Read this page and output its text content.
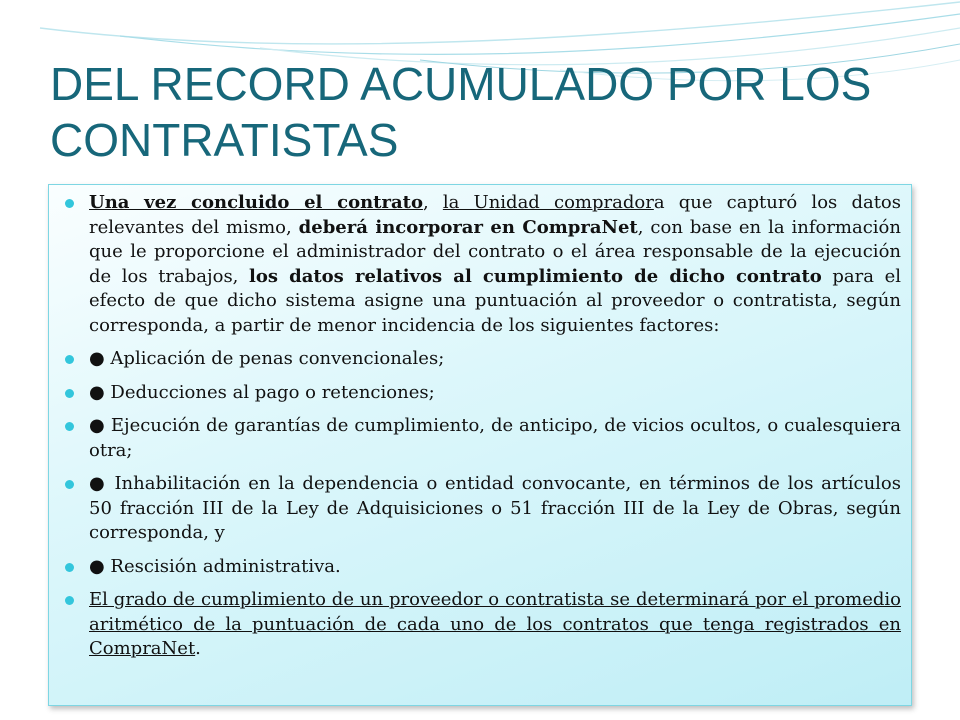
DEL RECORD ACUMULADO POR LOS CONTRATISTAS
Una vez concluido el contrato, la Unidad compradora que capturó los datos relevantes del mismo, deberá incorporar en CompraNet, con base en la información que le proporcione el administrador del contrato o el área responsable de la ejecución de los trabajos, los datos relativos al cumplimiento de dicho contrato para el efecto de que dicho sistema asigne una puntuación al proveedor o contratista, según corresponda, a partir de menor incidencia de los siguientes factores:
● Aplicación de penas convencionales;
● Deducciones al pago o retenciones;
● Ejecución de garantías de cumplimiento, de anticipo, de vicios ocultos, o cualesquiera otra;
● Inhabilitación en la dependencia o entidad convocante, en términos de los artículos 50 fracción III de la Ley de Adquisiciones o 51 fracción III de la Ley de Obras, según corresponda, y
● Rescisión administrativa.
El grado de cumplimiento de un proveedor o contratista se determinará por el promedio aritmético de la puntuación de cada uno de los contratos que tenga registrados en CompraNet.
